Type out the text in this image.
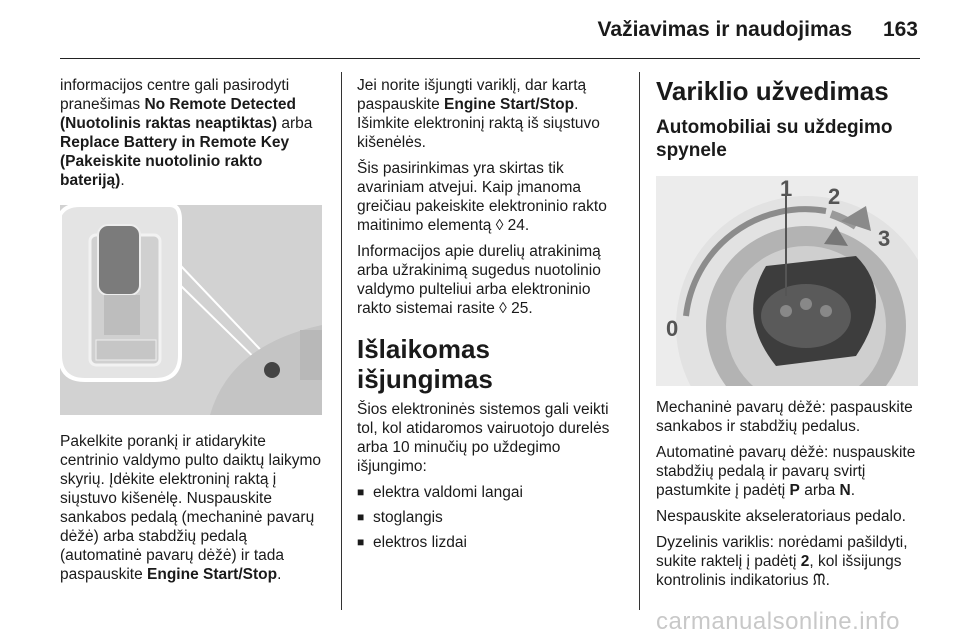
Važiavimas ir naudojimas 163

informacijos centre gali pasirodyti pranešimas No Remote Detected (Nuotolinis raktas neaptiktas) arba Replace Battery in Remote Key (Pakeiskite nuotolinio rakto bateriją).

Pakelkite porankį ir atidarykite centrinio valdymo pulto daiktų laikymo skyrių. Įdėkite elektroninį raktą į siųstuvo kišenėlę. Nuspauskite sankabos pedalą (mechaninė pavarų dėžė) arba stabdžių pedalą (automatinė pavarų dėžė) ir tada paspauskite Engine Start/Stop.

Jei norite išjungti variklį, dar kartą paspauskite Engine Start/Stop. Išimkite elektroninį raktą iš siųstuvo kišenėlės.

Šis pasirinkimas yra skirtas tik avariniam atvejui. Kaip įmanoma greičiau pakeiskite elektroninio rakto maitinimo elementą ◊ 24.

Informacijos apie durelių atrakinimą arba užrakinimą sugedus nuotolinio valdymo pulteliui arba elektroninio rakto sistemai rasite ◊ 25.

Išlaikomas išjungimas

Šios elektroninės sistemos gali veikti tol, kol atidaromos vairuotojo durelės arba 10 minučių po uždegimo išjungimo:

■ elektra valdomi langai
■ stoglangis
■ elektros lizdai
Variklio užvedimas
Automobiliai su uždegimo spynele
0
1 2
3

Mechaninė pavarų dėžė: paspauskite sankabos ir stabdžių pedalus.

Automatinė pavarų dėžė: nuspauskite stabdžių pedalą ir pavarų svirtį pastumkite į padėtį P arba N.

Nespauskite akseleratoriaus pedalo.

Dyzelinis variklis: norėdami pašildyti, sukite raktelį į padėtį 2, kol išsijungs kontrolinis indikatorius ᙏ.

carmanualsonline.info
